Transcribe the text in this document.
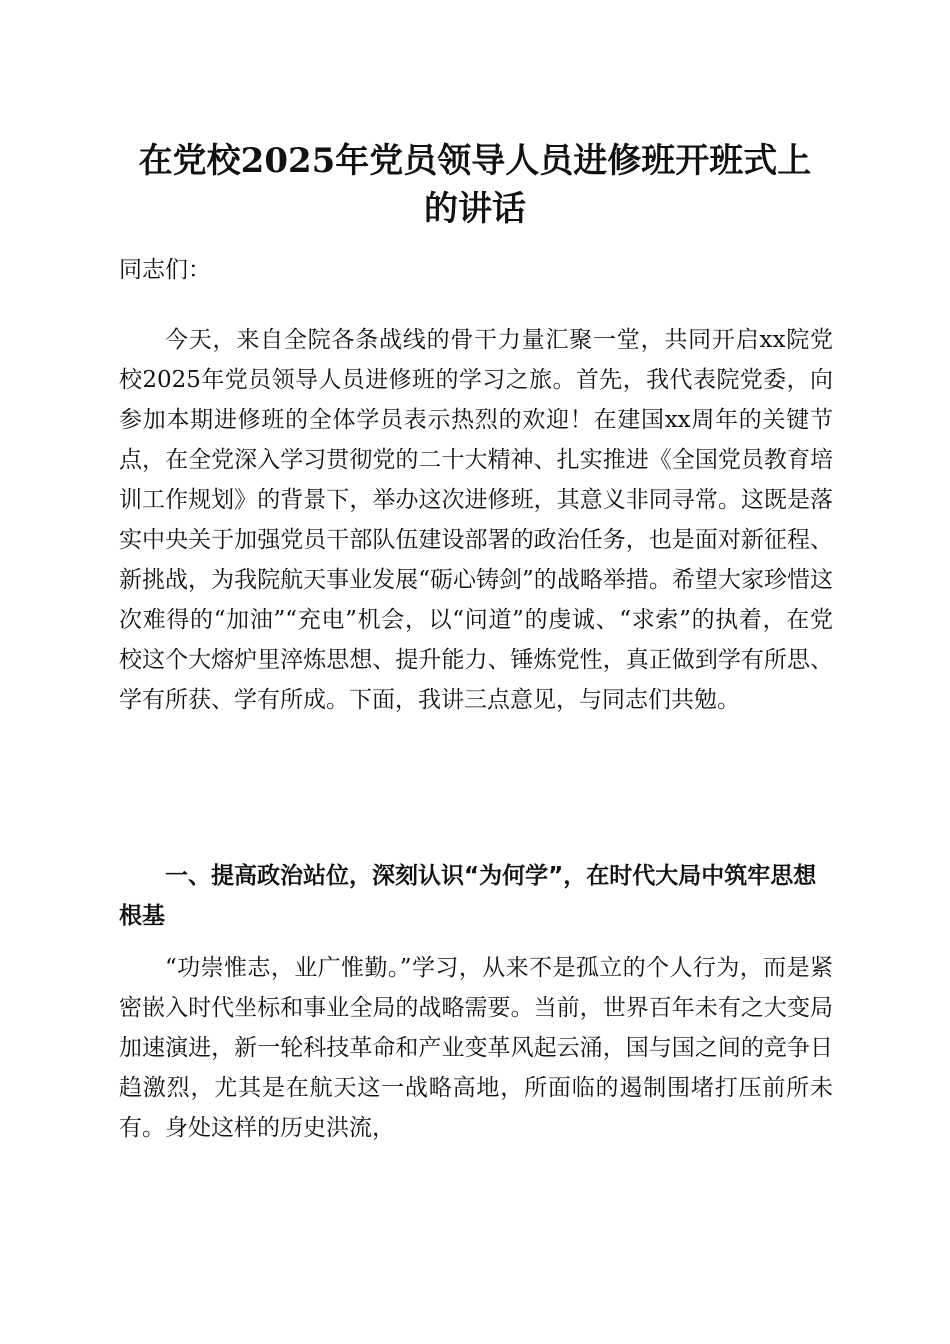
在党校2025年党员领导人员进修班开班式上
的讲话

同志们：

今天，来自全院各条战线的骨干力量汇聚一堂，共同开启xx院党校2025年党员领导人员进修班的学习之旅。首先，我代表院党委，向参加本期进修班的全体学员表示热烈的欢迎！在建国xx周年的关键节点，在全党深入学习贯彻党的二十大精神、扎实推进《全国党员教育培训工作规划》的背景下，举办这次进修班，其意义非同寻常。这既是落实中央关于加强党员干部队伍建设部署的政治任务，也是面对新征程、新挑战，为我院航天事业发展“砺心铸剑”的战略举措。希望大家珍惜这次难得的“加油”“充电”机会，以“问道”的虔诚、“求索”的执着，在党校这个大熔炉里淬炼思想、提升能力、锤炼党性，真正做到学有所思、学有所获、学有所成。下面，我讲三点意见，与同志们共勉。

一、提高政治站位，深刻认识“为何学”，在时代大局中筑牢思想根基

“功崇惟志，业广惟勤。”学习，从来不是孤立的个人行为，而是紧密嵌入时代坐标和事业全局的战略需要。当前，世界百年未有之大变局加速演进，新一轮科技革命和产业变革风起云涌，国与国之间的竞争日趋激烈，尤其是在航天这一战略高地，所面临的遏制围堵打压前所未有。身处这样的历史洪流，
